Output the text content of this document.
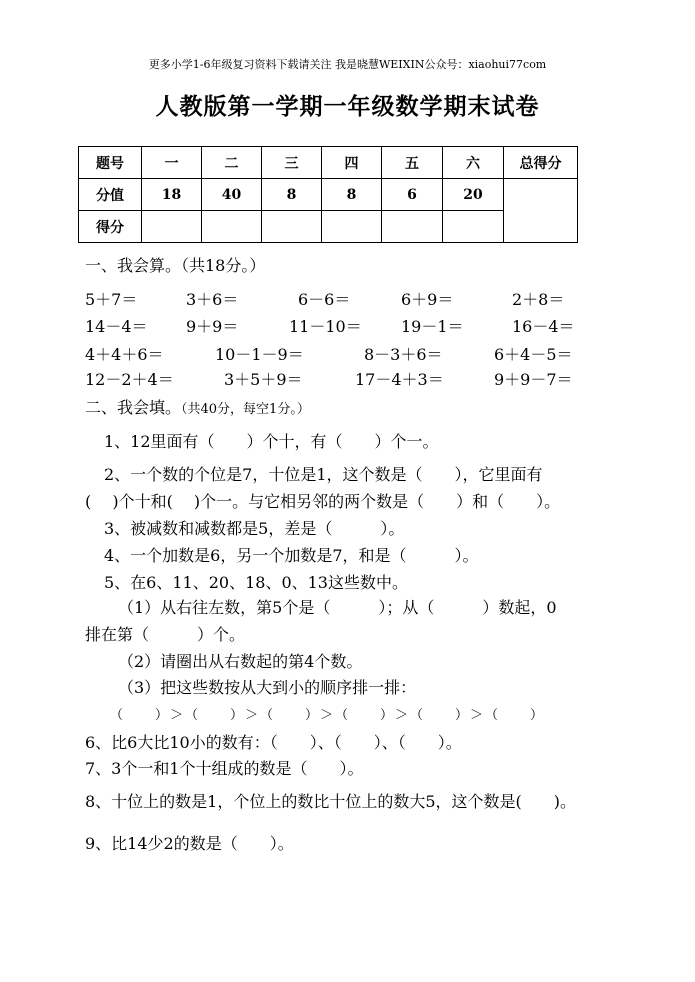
更多小学1-6年级复习资料下载请关注 我是晓慧WEIXIN公众号：xiaohui77com
人教版第一学期一年级数学期末试卷
题号	一	二	三	四	五	六	总得分
分值	18	40	8	8	6	20	
得分							
一、我会算。（共18分。）
5＋7＝	3＋6＝	6－6＝	6＋9＝	2＋8＝
14－4＝ 9＋9＝	11－10＝ 19－1＝	16－4＝
4＋4＋6＝	10－1－9＝	8－3＋6＝	6＋4－5＝
12－2＋4＝	3＋5＋9＝	17－4＋3＝	9＋9－7＝
二、我会填。（共40分，每空1分。）
1、12里面有（　　）个十，有（　　）个一。
2、一个数的个位是7，十位是1，这个数是（　　），它里面有
(　 )个十和(　 )个一。与它相另邻的两个数是（　　）和（　　）。
3、被减数和减数都是5，差是（　　　）。
4、一个加数是6，另一个加数是7，和是（　　　）。
5、在6、11、20、18、0、13这些数中。
（1）从右往左数，第5个是（　　　）；从（　　　）数起，0
排在第（　　　）个。
（2）请圈出从右数起的第4个数。
（3）把这些数按从大到小的顺序排一排：
（　　）＞（　　）＞（　　）＞（　　）＞（　　）＞（　　）
6、比6大比10小的数有：（　　）、（　　）、（　　）。
7、3个一和1个十组成的数是（　　）。
8、十位上的数是1，个位上的数比十位上的数大5，这个数是(　　)。
9、比14少2的数是（　　）。
